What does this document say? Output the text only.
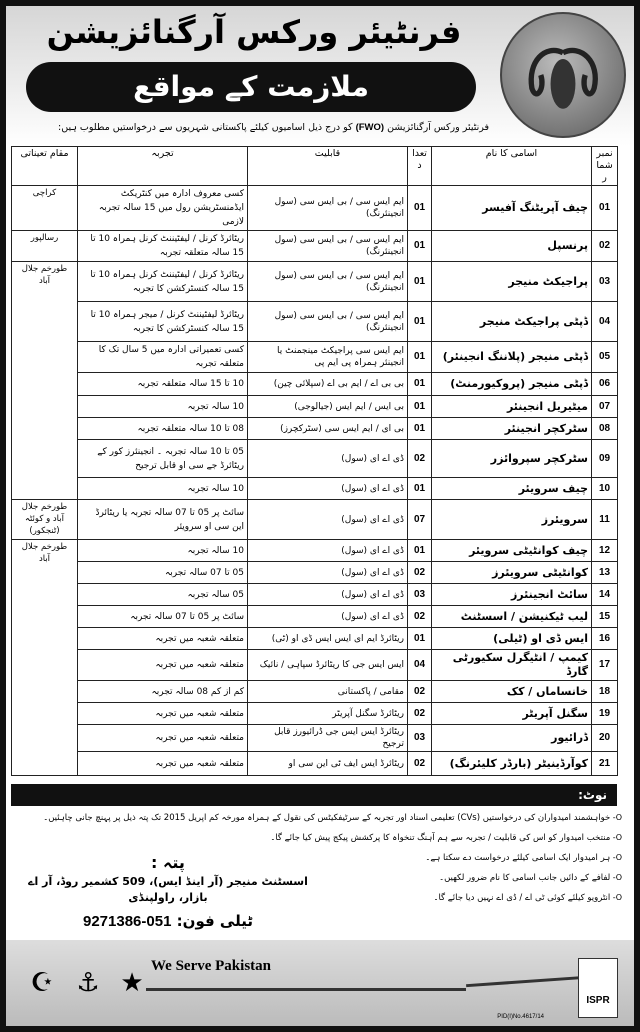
فرنٹیئر ورکس آرگنائزیشن
ملازمت کے مواقع
فرنٹیئر ورکس آرگنائزیشن (FWO) کو درج ذیل اسامیوں کیلئے پاکستانی شہریوں سے درخواستیں مطلوب ہیں:
نمبر شمار	اسامی کا نام	تعداد	قابلیت	تجربہ	مقام تعیناتی
01	چیف آپریٹنگ آفیسر	01	ایم ایس سی / بی ایس سی (سول انجینئرنگ)	کسی معروف ادارہ میں کنٹریکٹ ایڈمنسٹریشن رول میں 15 سالہ تجربہ لازمی	کراچی
02	پرنسپل	01	ایم ایس سی / بی ایس سی (سول انجینئرنگ)	ریٹائرڈ کرنل / لیفٹیننٹ کرنل ہمراہ 10 تا 15 سالہ متعلقہ تجربہ	رسالپور
03	پراجیکٹ منیجر	01	ایم ایس سی / بی ایس سی (سول انجینئرنگ)	ریٹائرڈ کرنل / لیفٹیننٹ کرنل ہمراہ 10 تا 15 سالہ کنسٹرکشن کا تجربہ	طورخم جلال آباد
04	ڈپٹی پراجیکٹ منیجر	01	ایم ایس سی / بی ایس سی (سول انجینئرنگ)	ریٹائرڈ لیفٹیننٹ کرنل / میجر ہمراہ 10 تا 15 سالہ کنسٹرکشن کا تجربہ	
05	ڈپٹی منیجر (پلاننگ انجینئر)	01	ایم ایس سی پراجیکٹ مینجمنٹ یا انجینئر ہمراہ پی ایم پی	کسی تعمیراتی ادارہ میں 5 سال تک کا متعلقہ تجربہ	
06	ڈپٹی منیجر (پروکیورمنٹ)	01	بی بی اے / ایم بی اے (سپلائی چین)	10 تا 15 سالہ متعلقہ تجربہ	
07	میٹیریل انجینئر	01	بی ایس / ایم ایس (جیالوجی)	10 سالہ تجربہ	
08	سٹرکچر انجینئر	01	بی ای / ایم ایس سی (سٹرکچرز)	08 تا 10 سالہ متعلقہ تجربہ	
09	سٹرکچر سپروائزر	02	ڈی اے ای (سول)	05 تا 10 سالہ تجربہ ۔ انجینئرز کور کے ریٹائرڈ جے سی او قابل ترجیح	
10	چیف سرویئر	01	ڈی اے ای (سول)	10 سالہ تجربہ	
11	سرویئرز	07	ڈی اے ای (سول)	سائٹ پر 05 تا 07 سالہ تجربہ یا ریٹائرڈ این سی او سرویئر	طورخم جلال آباد و کوئٹہ (ٹنجکور)
12	چیف کوانٹیٹی سرویئر	01	ڈی اے ای (سول)	10 سالہ تجربہ	طورخم جلال آباد
13	کوانٹیٹی سرویئرز	02	ڈی اے ای (سول)	05 تا 07 سالہ تجربہ	
14	سائٹ انجینئرز	03	ڈی اے ای (سول)	05 سالہ تجربہ	
15	لیب ٹیکنیشن / اسسٹنٹ	02	ڈی اے ای (سول)	سائٹ پر 05 تا 07 سالہ تجربہ	
16	ایس ڈی او (ٹیلی)	01	ریٹائرڈ ایم ای ایس ایس ڈی او (ٹی)	متعلقہ شعبہ میں تجربہ	
17	کیمپ / انٹیگرل سکیورٹی گارڈ	04	ایس ایس جی کا ریٹائرڈ سپاہی / نائیک	متعلقہ شعبہ میں تجربہ	
18	خانساماں / کک	02	مقامی / پاکستانی	کم از کم 08 سالہ تجربہ	
19	سگنل آپریٹر	02	ریٹائرڈ سگنل آپریٹر	متعلقہ شعبہ میں تجربہ	
20	ڈرائیور	03	ریٹائرڈ ایس ایس جی ڈرائیورز قابل ترجیح	متعلقہ شعبہ میں تجربہ	
21	کوآرڈینیٹر (بارڈر کلیئرنگ)	02	ریٹائرڈ ایس ایف ٹی این سی او	متعلقہ شعبہ میں تجربہ	
نوٹ:
O- خواہشمند امیدواران کی درخواستیں (CVs) تعلیمی اسناد اور تجربہ کے سرٹیفکیٹس کی نقول کے ہمراہ مورخہ کم اپریل 2015 تک پتہ ذیل پر پہنچ جانی چاہئیں۔
O- منتخب امیدوار کو اس کی قابلیت / تجربہ سے ہم آہنگ تنخواہ کا پرکشش پیکج پیش کیا جائے گا۔
پتہ :
اسسٹنٹ منیجر (آر اینڈ ایس)، 509 کشمیر روڈ، آر اے بازار، راولپنڈی
ٹیلی فون: 051-9271386
O- ہر امیدوار ایک اسامی کیلئے درخواست دے سکتا ہے۔
O- لفافے کے دائیں جانب اسامی کا نام ضرور لکھیں۔
O- انٹرویو کیلئے کوئی ٹی اے / ڈی اے نہیں دیا جائے گا۔
☪ ⚓ ★
We Serve Pakistan
PID(I)No.4617/14
ISPR
